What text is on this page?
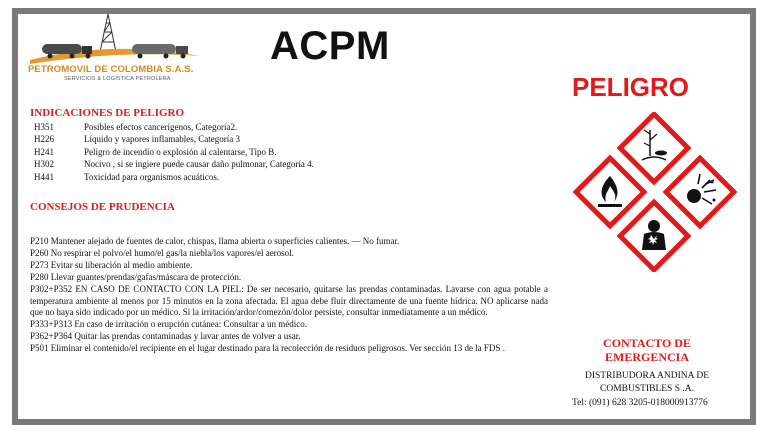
PETROMOVIL DE COLOMBIA S.A.S.
SERVICIOS & LOGISTICA PETROLERA
ACPM
PELIGRO
INDICACIONES DE PELIGRO
H351	Posibles efectos cancerígenos, Categoría2.
H226	Líquido y vapores inflamables, Categoría 3
H241	Peligro de incendio o explosión al calentarse, Tipo B.
H302	Nocivo , si se ingiere puede causar daño pulmonar, Categoría 4.
H441	Toxicidad para organismos acuáticos.
CONSEJOS DE PRUDENCIA
P210 Mantener alejado de fuentes de calor, chispas, llama abierta o superficies calientes. — No fumar.
P260 No respirar el polvo/el humo/el gas/la niebla/los vapores/el aerosol.
P273 Evitar su liberación al medio ambiente.
P280 Llevar guantes/prendas/gafas/máscara de protección.
P302+P352 EN CASO DE CONTACTO CON LA PIEL: De ser necesario, quitarse las prendas contaminadas. Lavarse con agua potable a temperatura ambiente al menos por 15 minutos en la zona afectada. El agua debe fluir directamente de una fuente hídrica. NO aplicarse nada que no haya sido indicado por un médico. Si la irritación/ardor/comezón/dolor persiste, consultar inmediatamente a un médico.
P333+P313 En caso de irritación o erupción cutánea: Consultar a un médico.
P362+P364 Quitar las prendas contaminadas y lavar antes de volver a usar.
P501 Eliminar el contenido/el recipiente en el lugar destinado para la recolección de residuos peligrosos. Ver sección 13 de la FDS .	CONTACTO DE EMERGENCIA
DISTRIBUDORA ANDINA DE COMBUSTIBLES S .A.
Tel: (091) 628 3205-018000913776
